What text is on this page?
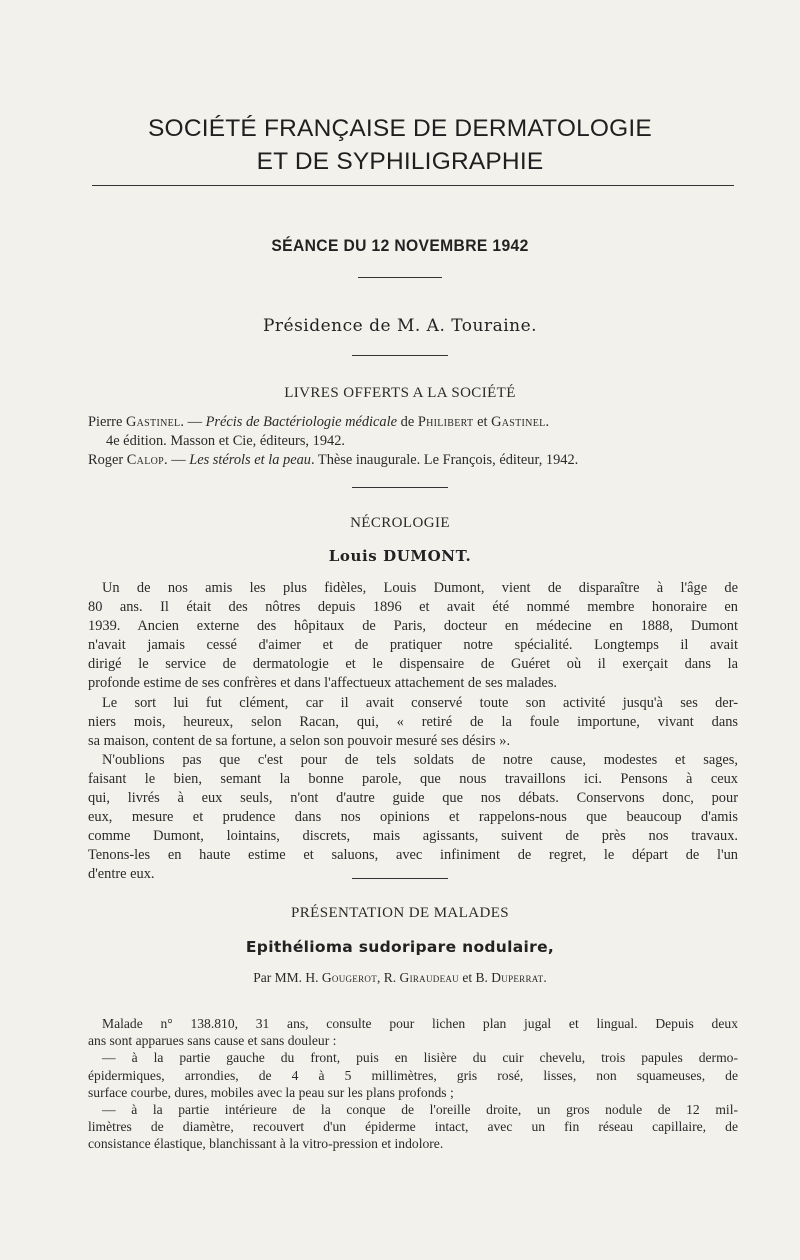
SOCIÉTÉ FRANÇAISE DE DERMATOLOGIE
ET DE SYPHILIGRAPHIE
SÉANCE DU 12 NOVEMBRE 1942
Présidence de M. A. Touraine.
LIVRES OFFERTS A LA SOCIÉTÉ
Pierre Gastinel. — Précis de Bactériologie médicale de Philibert et Gastinel.
4e édition. Masson et Cie, éditeurs, 1942.
Roger Calop. — Les stérols et la peau. Thèse inaugurale. Le François, éditeur, 1942.
NÉCROLOGIE
Louis DUMONT.
Un de nos amis les plus fidèles, Louis Dumont, vient de disparaître à l'âge de
80 ans. Il était des nôtres depuis 1896 et avait été nommé membre honoraire en
1939. Ancien externe des hôpitaux de Paris, docteur en médecine en 1888, Dumont
n'avait jamais cessé d'aimer et de pratiquer notre spécialité. Longtemps il avait
dirigé le service de dermatologie et le dispensaire de Guéret où il exerçait dans la
profonde estime de ses confrères et dans l'affectueux attachement de ses malades.
Le sort lui fut clément, car il avait conservé toute son activité jusqu'à ses der-
niers mois, heureux, selon Racan, qui, « retiré de la foule importune, vivant dans
sa maison, content de sa fortune, a selon son pouvoir mesuré ses désirs ».
N'oublions pas que c'est pour de tels soldats de notre cause, modestes et sages,
faisant le bien, semant la bonne parole, que nous travaillons ici. Pensons à ceux
qui, livrés à eux seuls, n'ont d'autre guide que nos débats. Conservons donc, pour
eux, mesure et prudence dans nos opinions et rappelons-nous que beaucoup d'amis
comme Dumont, lointains, discrets, mais agissants, suivent de près nos travaux.
Tenons-les en haute estime et saluons, avec infiniment de regret, le départ de l'un
d'entre eux.
PRÉSENTATION DE MALADES
Epithélioma sudoripare nodulaire,
Par MM. H. Gougerot, R. Giraudeau et B. Duperrat.
Malade n° 138.810, 31 ans, consulte pour lichen plan jugal et lingual. Depuis deux
ans sont apparues sans cause et sans douleur :
— à la partie gauche du front, puis en lisière du cuir chevelu, trois papules dermo-
épidermiques, arrondies, de 4 à 5 millimètres, gris rosé, lisses, non squameuses, de
surface courbe, dures, mobiles avec la peau sur les plans profonds ;
— à la partie intérieure de la conque de l'oreille droite, un gros nodule de 12 mil-
limètres de diamètre, recouvert d'un épiderme intact, avec un fin réseau capillaire, de
consistance élastique, blanchissant à la vitro-pression et indolore.
